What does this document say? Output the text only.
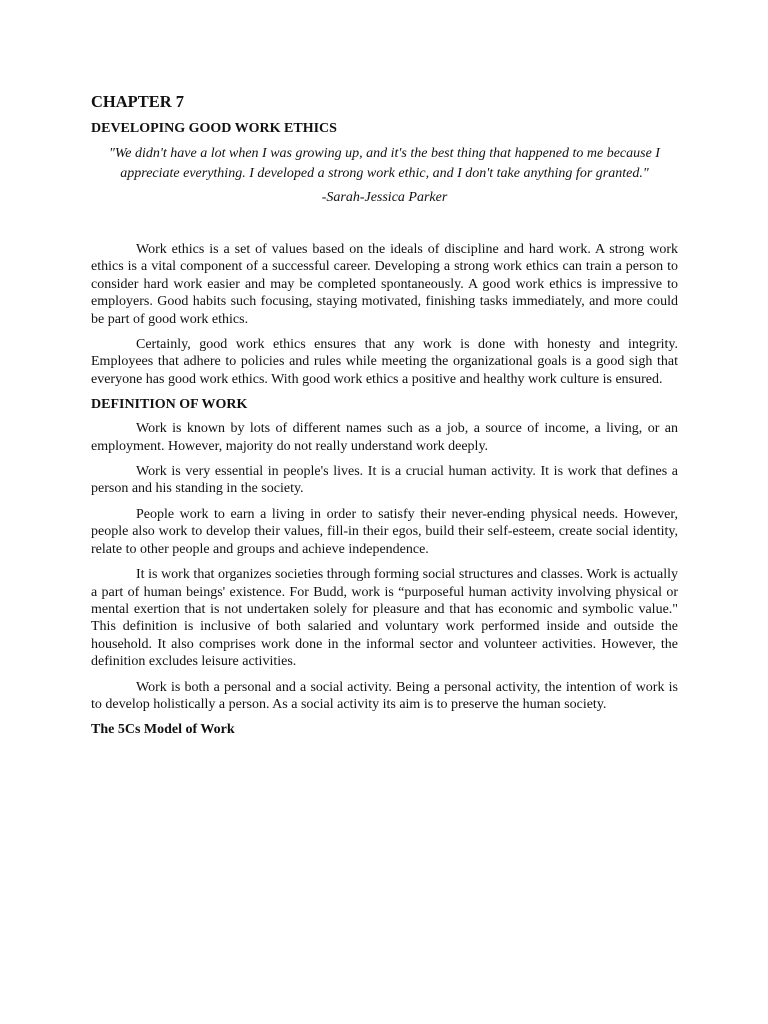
CHAPTER 7
DEVELOPING GOOD WORK ETHICS

"We didn't have a lot when I was growing up, and it's the best thing that happened to me because I appreciate everything. I developed a strong work ethic, and I don't take anything for granted."

-Sarah-Jessica Parker

Work ethics is a set of values based on the ideals of discipline and hard work. A strong work ethics is a vital component of a successful career. Developing a strong work ethics can train a person to consider hard work easier and may be completed spontaneously. A good work ethics is impressive to employers. Good habits such focusing, staying motivated, finishing tasks immediately, and more could be part of good work ethics.

Certainly, good work ethics ensures that any work is done with honesty and integrity. Employees that adhere to policies and rules while meeting the organizational goals is a good sigh that everyone has good work ethics. With good work ethics a positive and healthy work culture is ensured.

DEFINITION OF WORK

Work is known by lots of different names such as a job, a source of income, a living, or an employment. However, majority do not really understand work deeply.

Work is very essential in people's lives. It is a crucial human activity. It is work that defines a person and his standing in the society.

People work to earn a living in order to satisfy their never-ending physical needs. However, people also work to develop their values, fill-in their egos, build their self-esteem, create social identity, relate to other people and groups and achieve independence.

It is work that organizes societies through forming social structures and classes. Work is actually a part of human beings' existence. For Budd, work is “purposeful human activity involving physical or mental exertion that is not undertaken solely for pleasure and that has economic and symbolic value." This definition is inclusive of both salaried and voluntary work performed inside and outside the household. It also comprises work done in the informal sector and volunteer activities. However, the definition excludes leisure activities.

Work is both a personal and a social activity. Being a personal activity, the intention of work is to develop holistically a person. As a social activity its aim is to preserve the human society.

The 5Cs Model of Work
